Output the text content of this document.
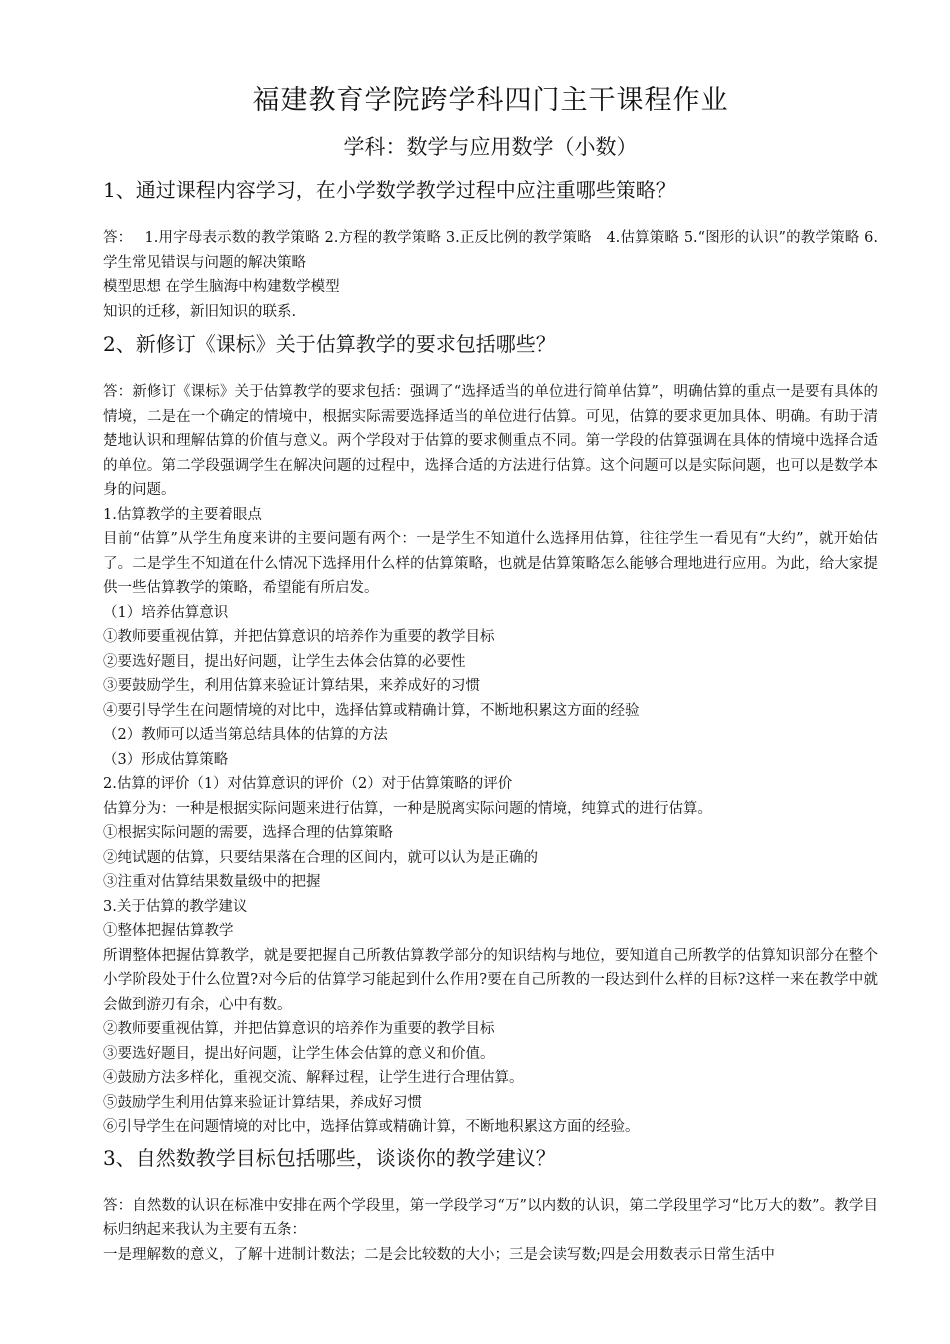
福建教育学院跨学科四门主干课程作业
学科：数学与应用数学（小数）
1、通过课程内容学习，在小学数学教学过程中应注重哪些策略？

答：　 1.用字母表示数的教学策略 2.方程的教学策略 3.正反比例的教学策略　4.估算策略 5.“图形的认识”的教学策略 6.学生常见错误与问题的解决策略

模型思想 在学生脑海中构建数学模型

知识的迁移，新旧知识的联系.

2、新修订《课标》关于估算教学的要求包括哪些？

答：新修订《课标》关于估算教学的要求包括：强调了“选择适当的单位进行简单估算”，明确估算的重点一是要有具体的情境，二是在一个确定的情境中，根据实际需要选择适当的单位进行估算。可见，估算的要求更加具体、明确。有助于清楚地认识和理解估算的价值与意义。两个学段对于估算的要求侧重点不同。第一学段的估算强调在具体的情境中选择合适的单位。第二学段强调学生在解决问题的过程中，选择合适的方法进行估算。这个问题可以是实际问题，也可以是数学本身的问题。

1.估算教学的主要着眼点

目前“估算”从学生角度来讲的主要问题有两个：一是学生不知道什么选择用估算，往往学生一看见有“大约”，就开始估了。二是学生不知道在什么情况下选择用什么样的估算策略，也就是估算策略怎么能够合理地进行应用。为此，给大家提供一些估算教学的策略，希望能有所启发。

（1）培养估算意识

①教师要重视估算，并把估算意识的培养作为重要的教学目标

②要选好题目，提出好问题，让学生去体会估算的必要性

③要鼓励学生，利用估算来验证计算结果，来养成好的习惯

④要引导学生在问题情境的对比中，选择估算或精确计算，不断地积累这方面的经验

（2）教师可以适当第总结具体的估算的方法

（3）形成估算策略

2.估算的评价（1）对估算意识的评价（2）对于估算策略的评价

估算分为：一种是根据实际问题来进行估算，一种是脱离实际问题的情境，纯算式的进行估算。

①根据实际问题的需要，选择合理的估算策略

②纯试题的估算，只要结果落在合理的区间内，就可以认为是正确的

③注重对估算结果数量级中的把握

3.关于估算的教学建议

①整体把握估算教学

所谓整体把握估算教学，就是要把握自己所教估算教学部分的知识结构与地位，要知道自己所教学的估算知识部分在整个小学阶段处于什么位置?对今后的估算学习能起到什么作用?要在自己所教的一段达到什么样的目标?这样一来在教学中就会做到游刃有余，心中有数。

②教师要重视估算，并把估算意识的培养作为重要的教学目标

③要选好题目，提出好问题，让学生体会估算的意义和价值。

④鼓励方法多样化，重视交流、解释过程，让学生进行合理估算。

⑤鼓励学生利用估算来验证计算结果，养成好习惯

⑥引导学生在问题情境的对比中，选择估算或精确计算，不断地积累这方面的经验。

3、自然数教学目标包括哪些，谈谈你的教学建议？

答：自然数的认识在标准中安排在两个学段里，第一学段学习“万”以内数的认识，第二学段里学习“比万大的数”。教学目标归纳起来我认为主要有五条：

一是理解数的意义，了解十进制计数法；二是会比较数的大小；三是会读写数;四是会用数表示日常生活中
